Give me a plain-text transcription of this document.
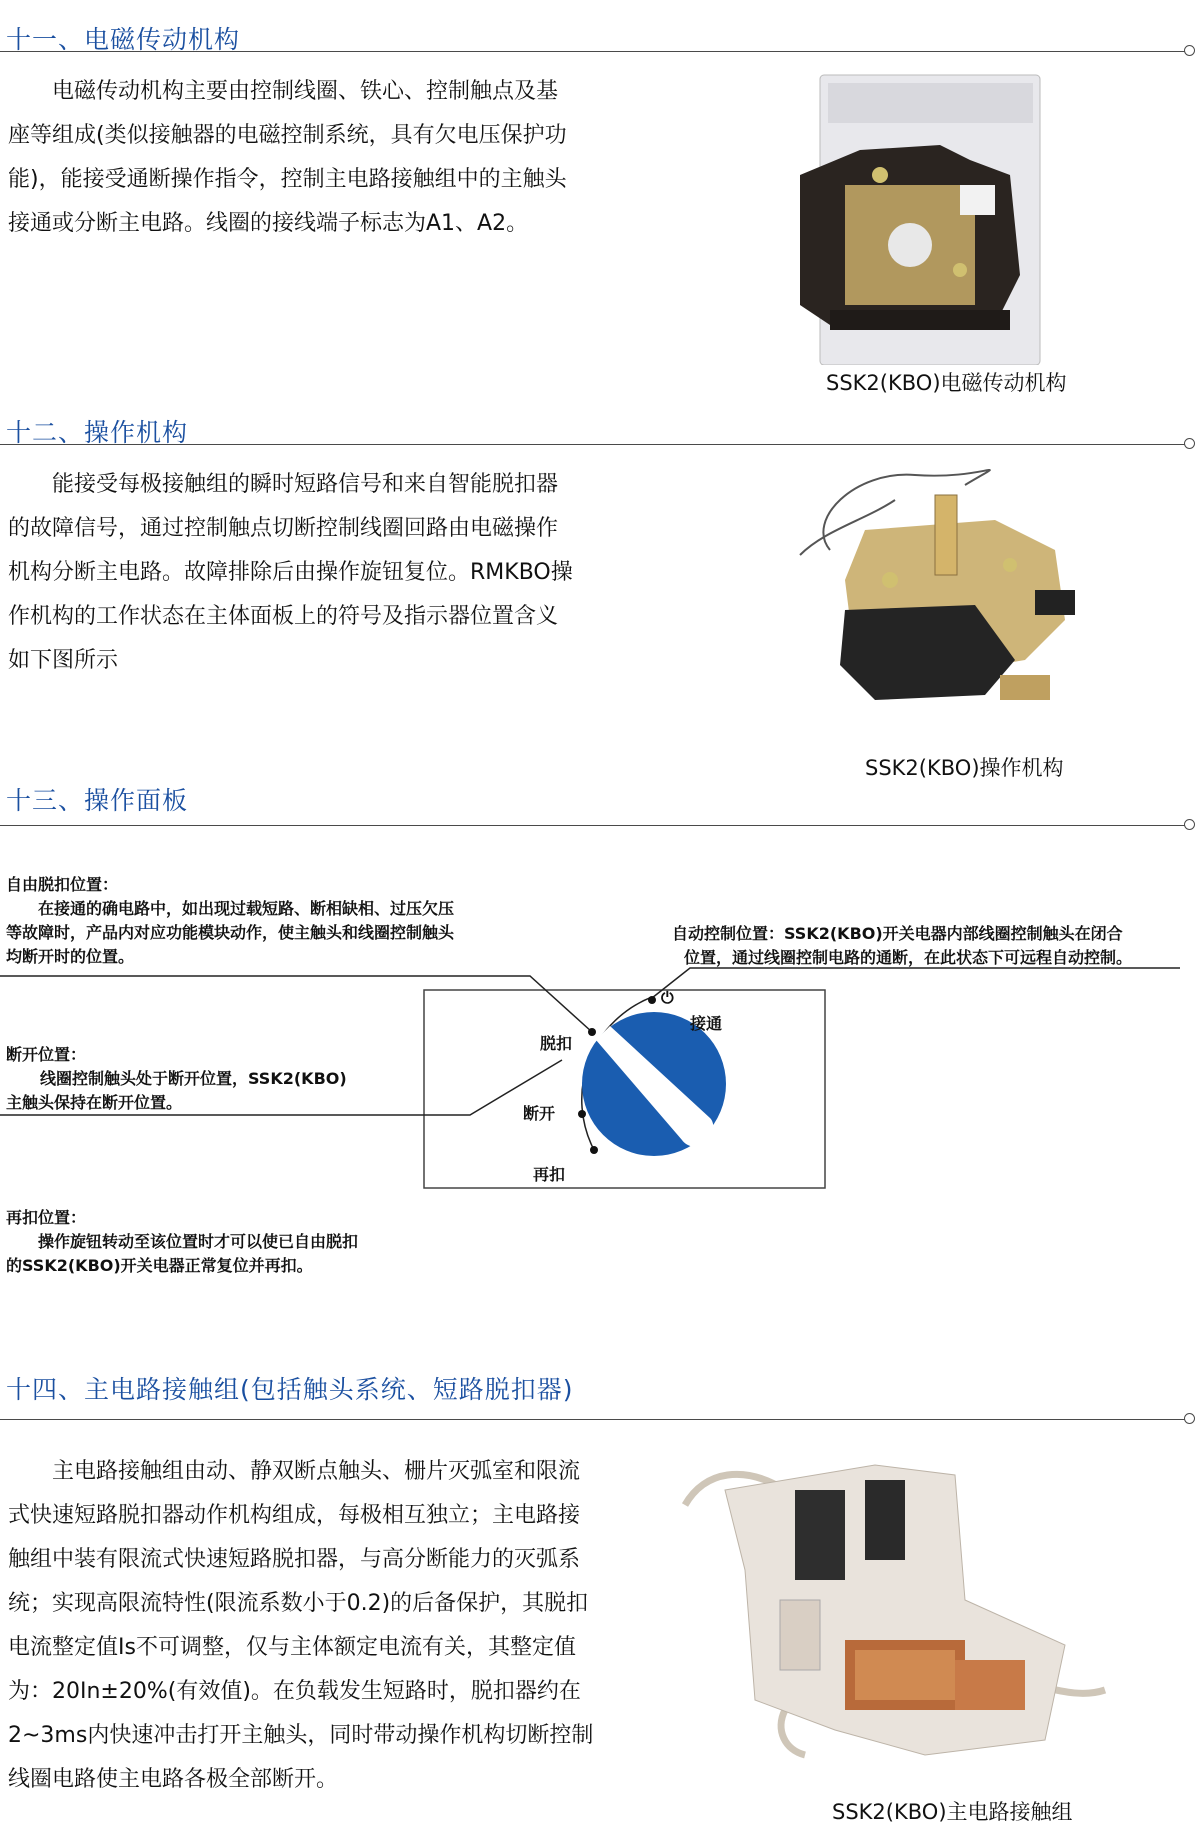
十一、电磁传动机构

电磁传动机构主要由控制线圈、铁心、控制触点及基

座等组成(类似接触器的电磁控制系统，具有欠电压保护功

能)，能接受通断操作指令，控制主电路接触组中的主触头

接通或分断主电路。线圈的接线端子标志为A1、A2。

SSK2(KBO)电磁传动机构
十二、操作机构

能接受每极接触组的瞬时短路信号和来自智能脱扣器

的故障信号，通过控制触点切断控制线圈回路由电磁操作

机构分断主电路。故障排除后由操作旋钮复位。RMKBO操

作机构的工作状态在主体面板上的符号及指示器位置含义

如下图所示

SSK2(KBO)操作机构
十三、操作面板
自由脱扣位置：
在接通的确电路中，如出现过载短路、断相缺相、过压欠压
等故障时，产品内对应功能模块动作，使主触头和线圈控制触头
均断开时的位置。
自动控制位置：SSK2(KBO)开关电器内部线圈控制触头在闭合
位置，通过线圈控制电路的通断，在此状态下可远程自动控制。
断开位置：
线圈控制触头处于断开位置，SSK2(KBO)
主触头保持在断开位置。
再扣位置：
操作旋钮转动至该位置时才可以使已自由脱扣
的SSK2(KBO)开关电器正常复位并再扣。
⏻
接通
脱扣
断开
再扣
十四、主电路接触组(包括触头系统、短路脱扣器)

主电路接触组由动、静双断点触头、栅片灭弧室和限流

式快速短路脱扣器动作机构组成，每极相互独立；主电路接

触组中装有限流式快速短路脱扣器，与高分断能力的灭弧系

统；实现高限流特性(限流系数小于0.2)的后备保护，其脱扣

电流整定值Is不可调整，仅与主体额定电流有关，其整定值

为：20In±20%(有效值)。在负载发生短路时，脱扣器约在

2~3ms内快速冲击打开主触头，同时带动操作机构切断控制

线圈电路使主电路各极全部断开。

SSK2(KBO)主电路接触组
